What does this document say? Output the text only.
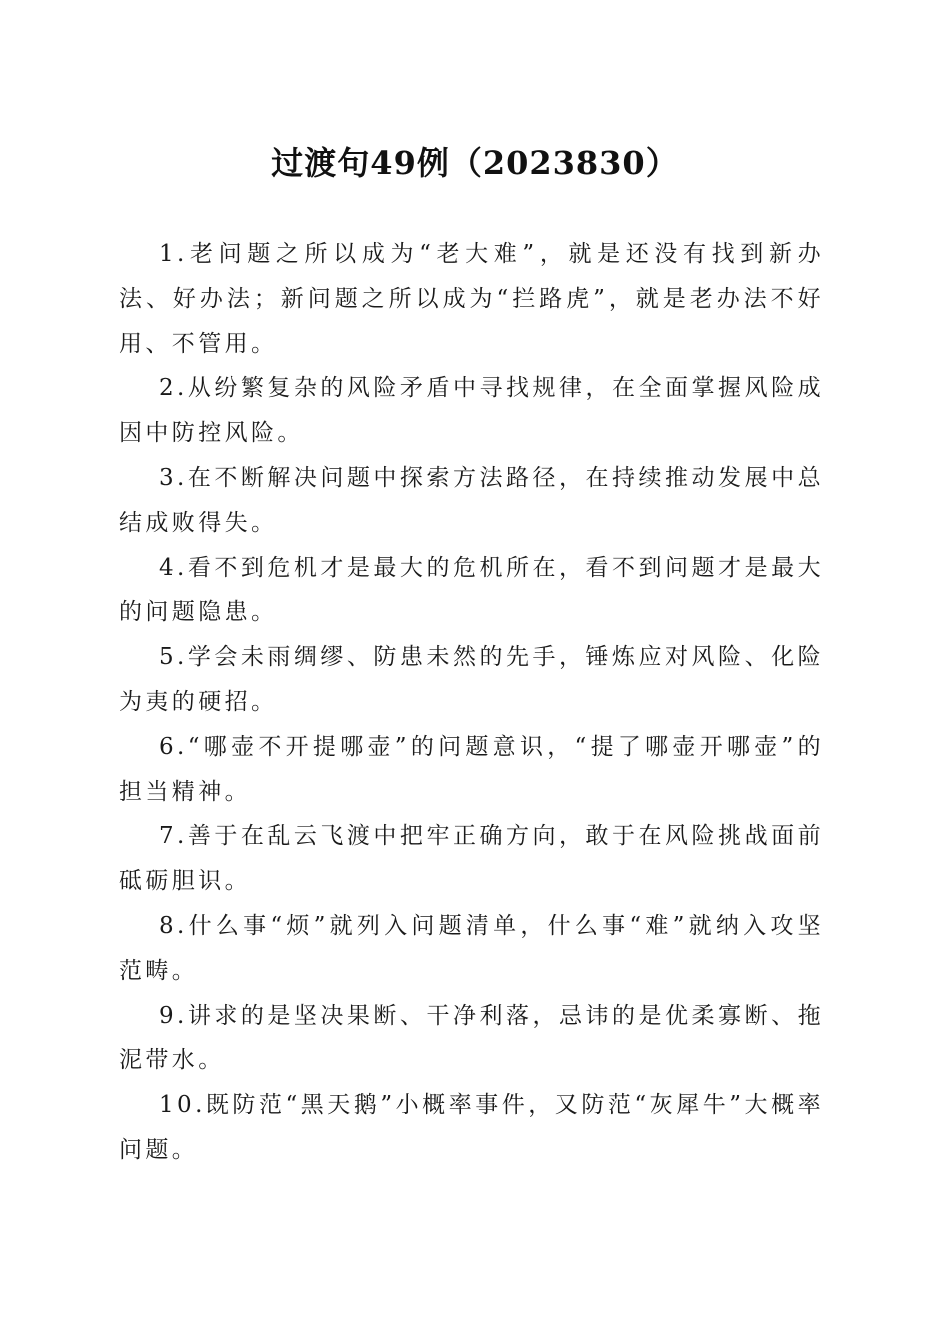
过渡句49例（2023830）

1.老问题之所以成为“老大难”，就是还没有找到新办法、好办法；新问题之所以成为“拦路虎”，就是老办法不好用、不管用。

2.从纷繁复杂的风险矛盾中寻找规律，在全面掌握风险成因中防控风险。

3.在不断解决问题中探索方法路径，在持续推动发展中总结成败得失。

4.看不到危机才是最大的危机所在，看不到问题才是最大的问题隐患。

5.学会未雨绸缪、防患未然的先手，锤炼应对风险、化险为夷的硬招。

6.“哪壶不开提哪壶”的问题意识，“提了哪壶开哪壶”的担当精神。

7.善于在乱云飞渡中把牢正确方向，敢于在风险挑战面前砥砺胆识。

8.什么事“烦”就列入问题清单，什么事“难”就纳入攻坚范畴。

9.讲求的是坚决果断、干净利落，忌讳的是优柔寡断、拖泥带水。

10.既防范“黑天鹅”小概率事件，又防范“灰犀牛”大概率问题。
